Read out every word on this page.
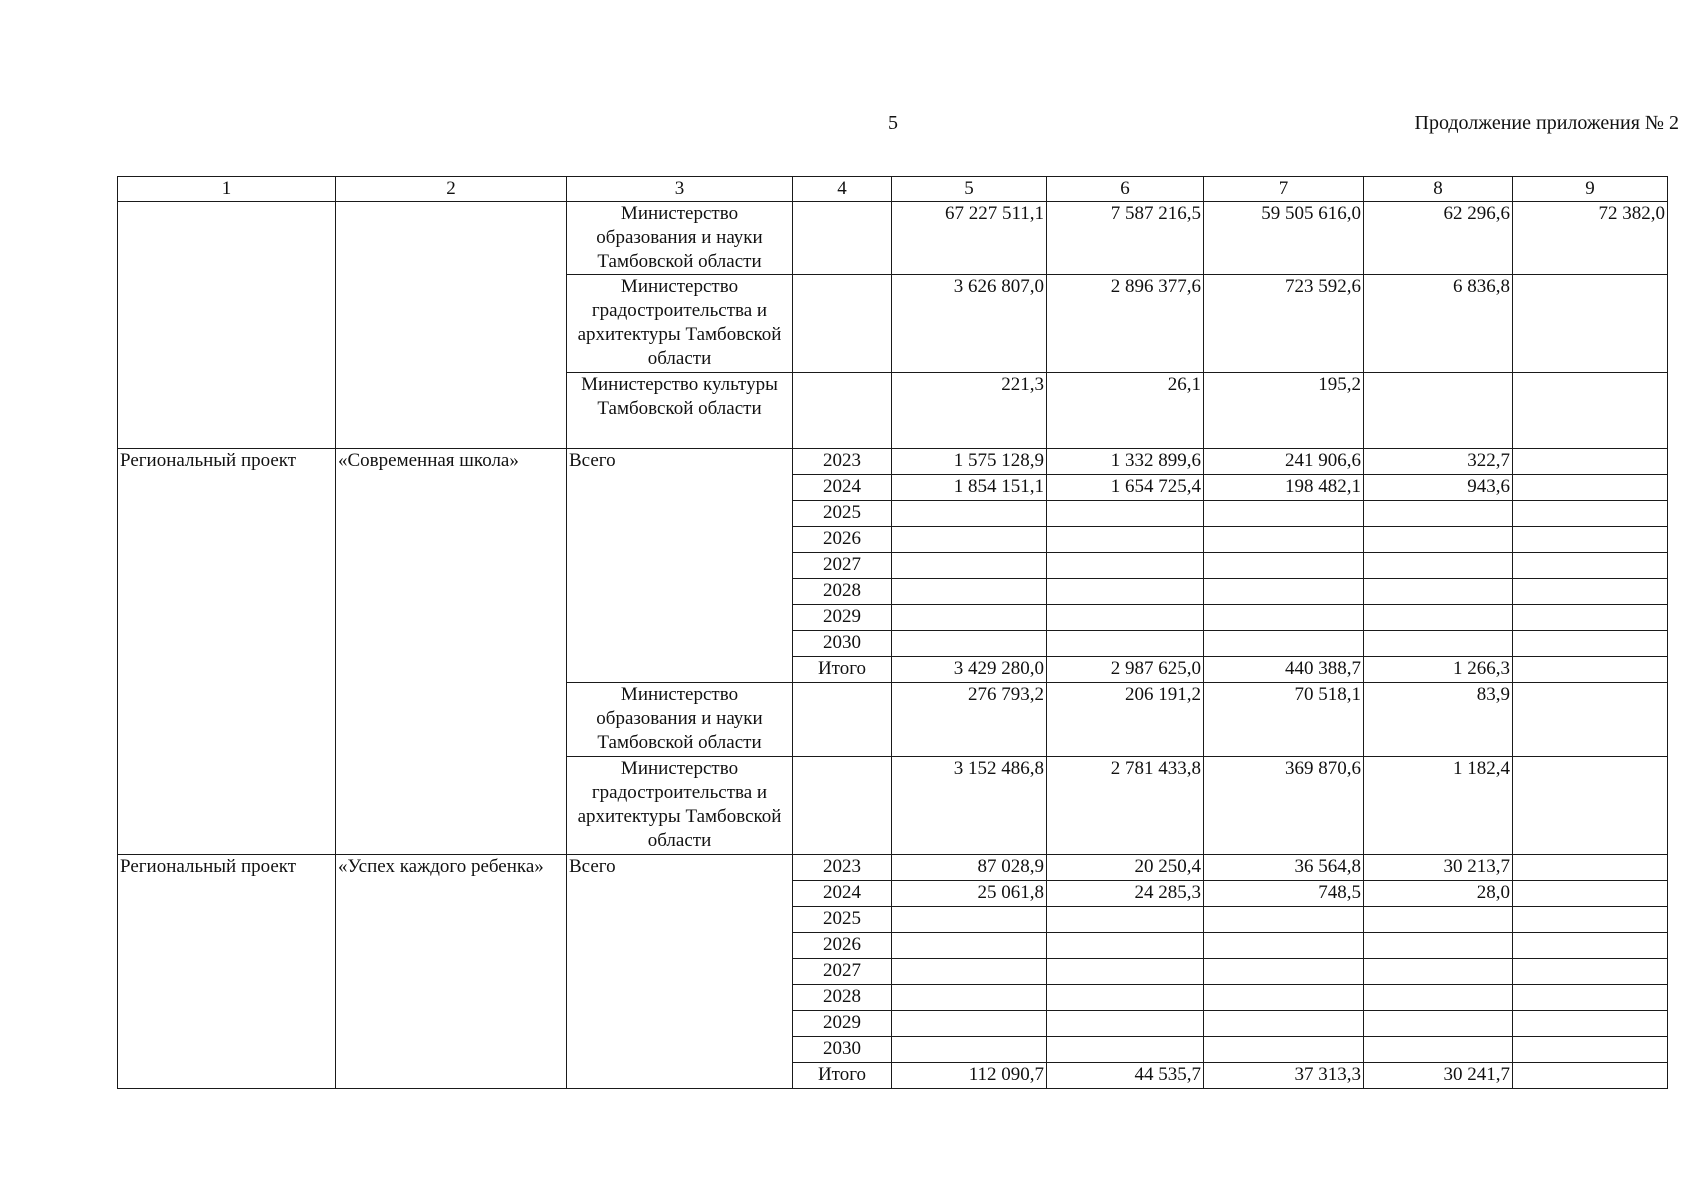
5	Продолжение приложения № 2
1	2	3	4	5	6	7	8	9
		Министерство образования и науки Тамбовской области		67 227 511,1	7 587 216,5	59 505 616,0	62 296,6	72 382,0
		Министерство градостроительства и архитектуры Тамбовской области		3 626 807,0	2 896 377,6	723 592,6	6 836,8	
		Министерство культуры Тамбовской области		221,3	26,1	195,2		
Региональный проект	«Современная школа»	Всего	2023	1 575 128,9	1 332 899,6	241 906,6	322,7	
			2024	1 854 151,1	1 654 725,4	198 482,1	943,6	
			2025					
			2026					
			2027					
			2028					
			2029					
			2030					
			Итого	3 429 280,0	2 987 625,0	440 388,7	1 266,3	
		Министерство образования и науки Тамбовской области		276 793,2	206 191,2	70 518,1	83,9	
		Министерство градостроительства и архитектуры Тамбовской области		3 152 486,8	2 781 433,8	369 870,6	1 182,4	
Региональный проект	«Успех каждого ребенка»	Всего	2023	87 028,9	20 250,4	36 564,8	30 213,7	
			2024	25 061,8	24 285,3	748,5	28,0	
			2025					
			2026					
			2027					
			2028					
			2029					
			2030					
			Итого	112 090,7	44 535,7	37 313,3	30 241,7	
